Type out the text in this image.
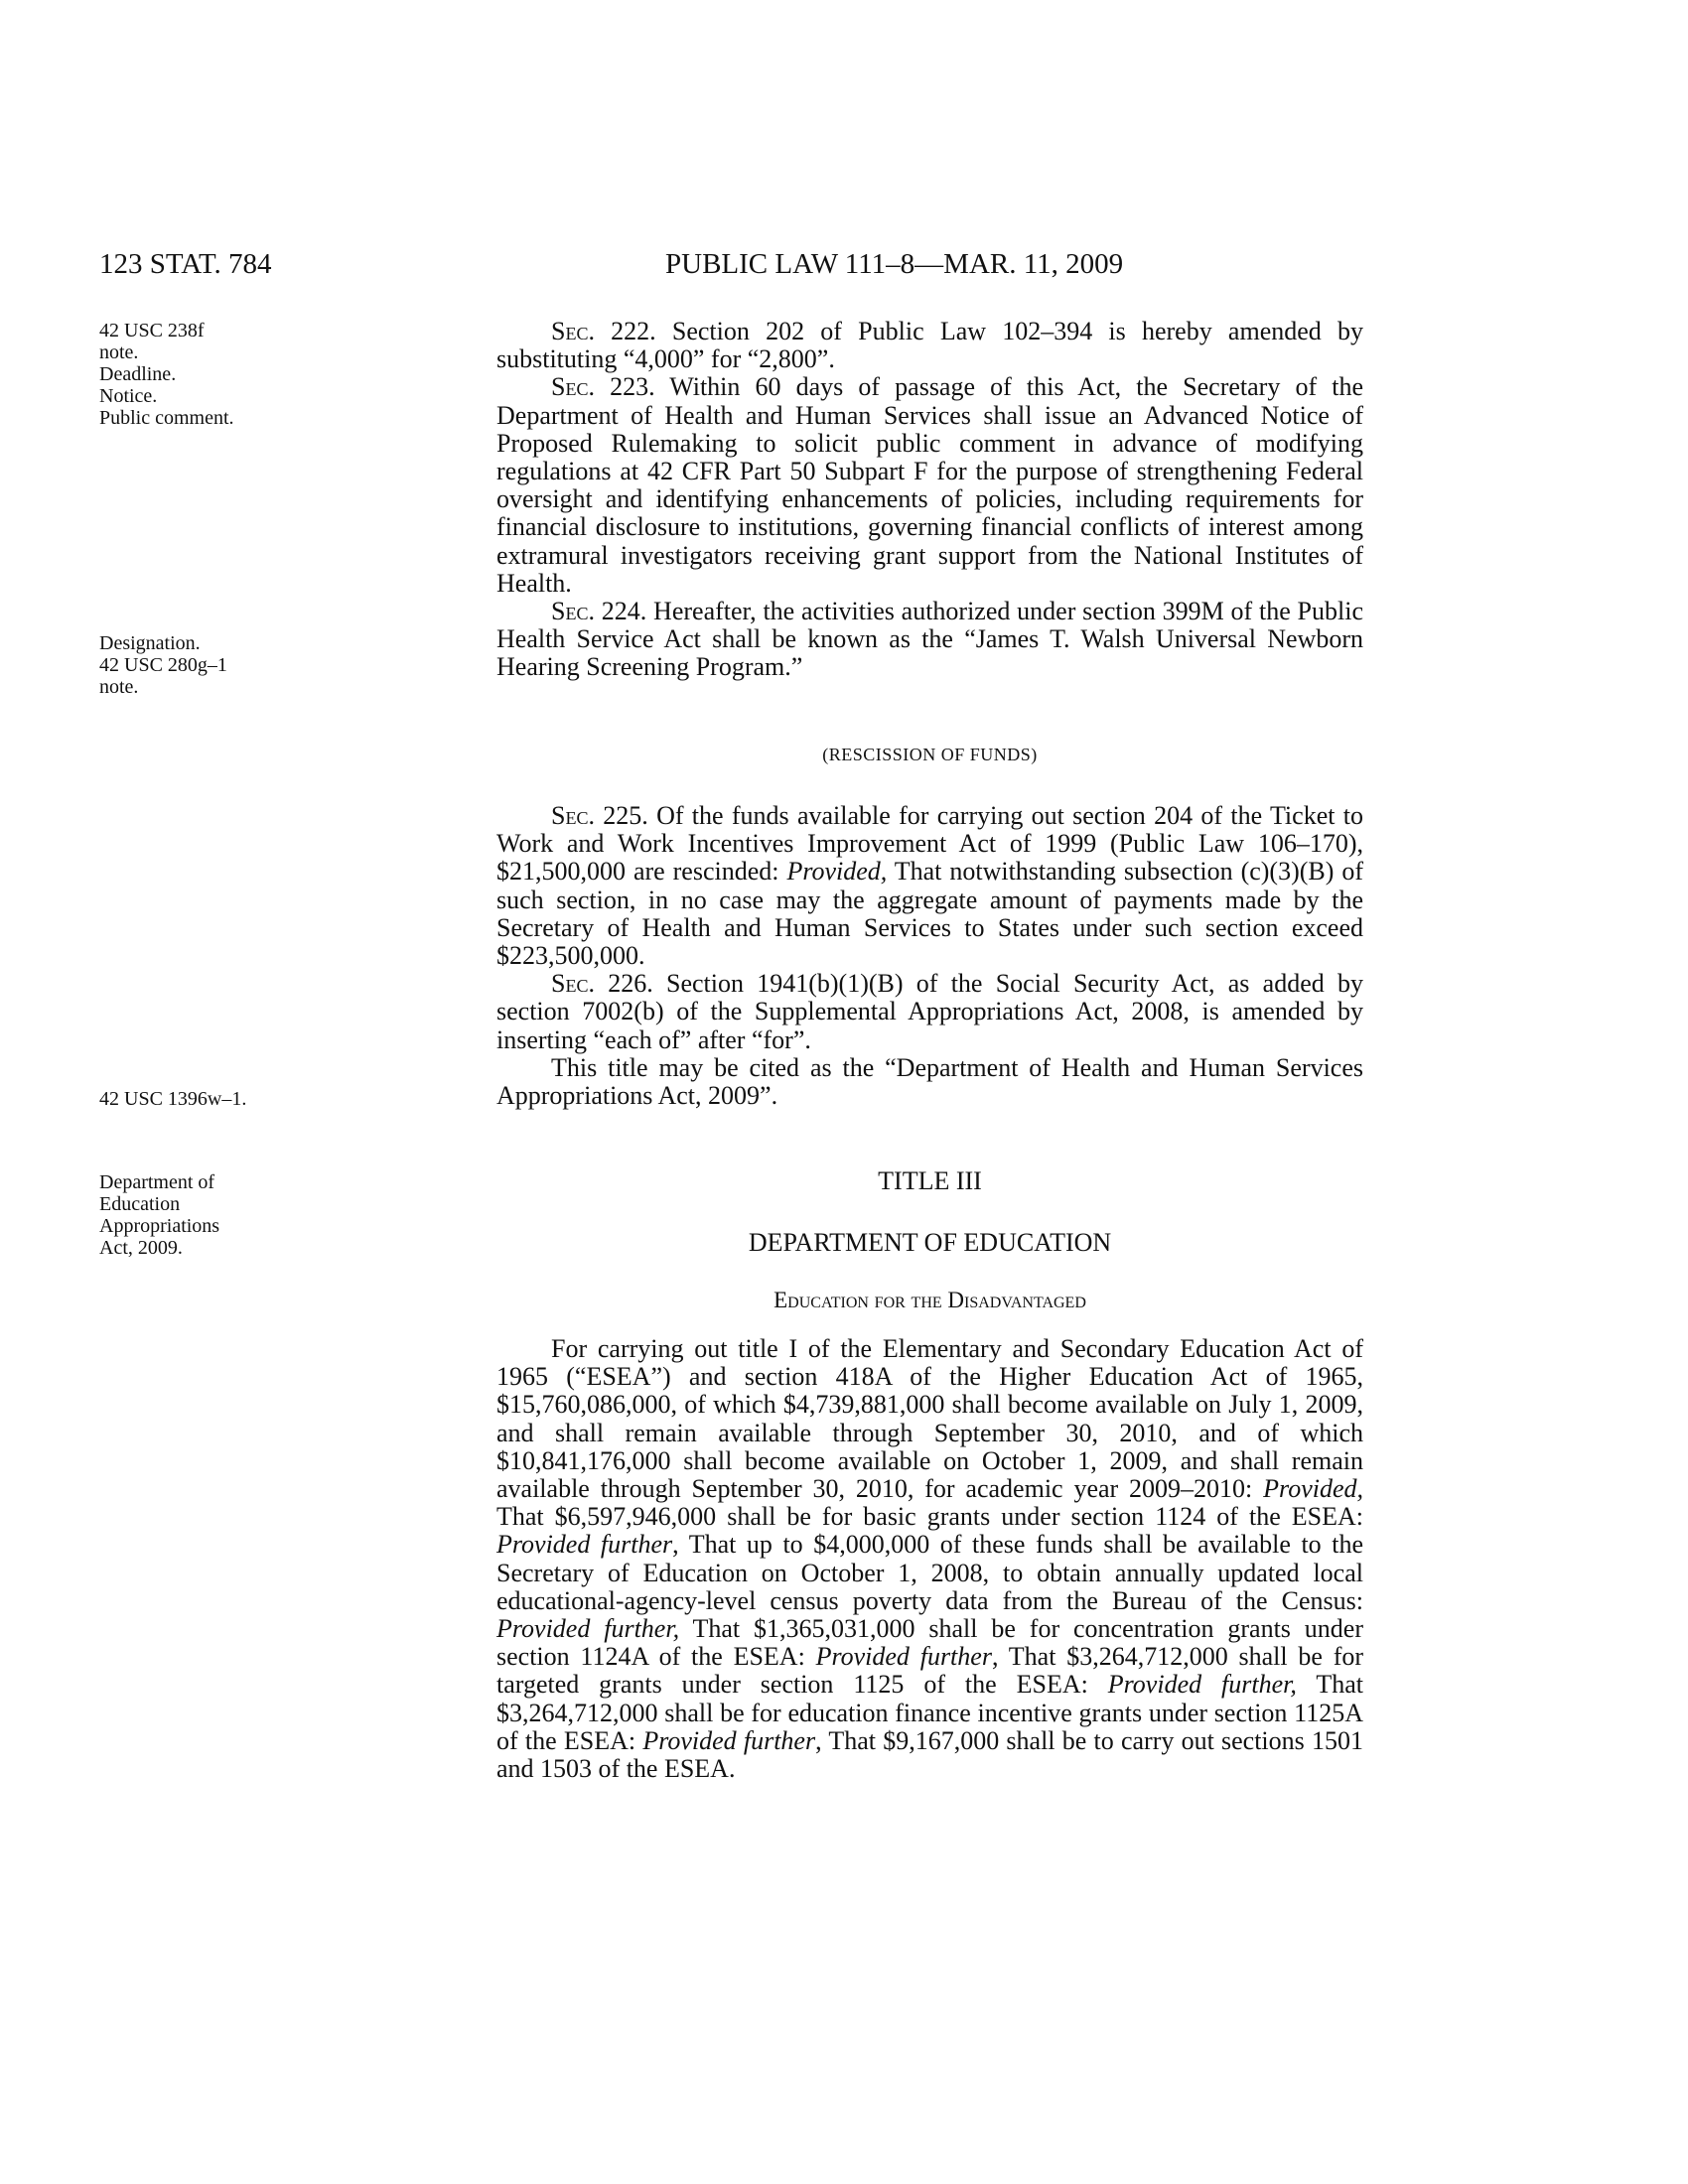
123 STAT. 784	PUBLIC LAW 111–8—MAR. 11, 2009
42 USC 238f
note.
Deadline.
Notice.
Public comment.
Designation.
42 USC 280g–1
note.
42 USC 1396w–1.
Department of
Education
Appropriations
Act, 2009.

Sec. 222. Section 202 of Public Law 102–394 is hereby amended by substituting “4,000” for “2,800”.

Sec. 223. Within 60 days of passage of this Act, the Secretary of the Department of Health and Human Services shall issue an Advanced Notice of Proposed Rulemaking to solicit public comment in advance of modifying regulations at 42 CFR Part 50 Subpart F for the purpose of strengthening Federal oversight and identifying enhancements of policies, including requirements for financial disclosure to institutions, governing financial conflicts of interest among extramural investigators receiving grant support from the National Institutes of Health.

Sec. 224. Hereafter, the activities authorized under section 399M of the Public Health Service Act shall be known as the “James T. Walsh Universal Newborn Hearing Screening Program.”

(RESCISSION OF FUNDS)

Sec. 225. Of the funds available for carrying out section 204 of the Ticket to Work and Work Incentives Improvement Act of 1999 (Public Law 106–170), $21,500,000 are rescinded: Provided, That notwithstanding subsection (c)(3)(B) of such section, in no case may the aggregate amount of payments made by the Secretary of Health and Human Services to States under such section exceed $223,500,000.

Sec. 226. Section 1941(b)(1)(B) of the Social Security Act, as added by section 7002(b) of the Supplemental Appropriations Act, 2008, is amended by inserting “each of” after “for”.

This title may be cited as the “Department of Health and Human Services Appropriations Act, 2009”.

TITLE III
DEPARTMENT OF EDUCATION
Education for the Disadvantaged

For carrying out title I of the Elementary and Secondary Education Act of 1965 (“ESEA”) and section 418A of the Higher Education Act of 1965, $15,760,086,000, of which $4,739,881,000 shall become available on July 1, 2009, and shall remain available through September 30, 2010, and of which $10,841,176,000 shall become available on October 1, 2009, and shall remain available through September 30, 2010, for academic year 2009–2010: Provided, That $6,597,946,000 shall be for basic grants under section 1124 of the ESEA: Provided further, That up to $4,000,000 of these funds shall be available to the Secretary of Education on October 1, 2008, to obtain annually updated local educational-agency-level census poverty data from the Bureau of the Census: Provided further, That $1,365,031,000 shall be for concentration grants under section 1124A of the ESEA: Provided further, That $3,264,712,000 shall be for targeted grants under section 1125 of the ESEA: Provided further, That $3,264,712,000 shall be for education finance incentive grants under section 1125A of the ESEA: Provided further, That $9,167,000 shall be to carry out sections 1501 and 1503 of the ESEA.
